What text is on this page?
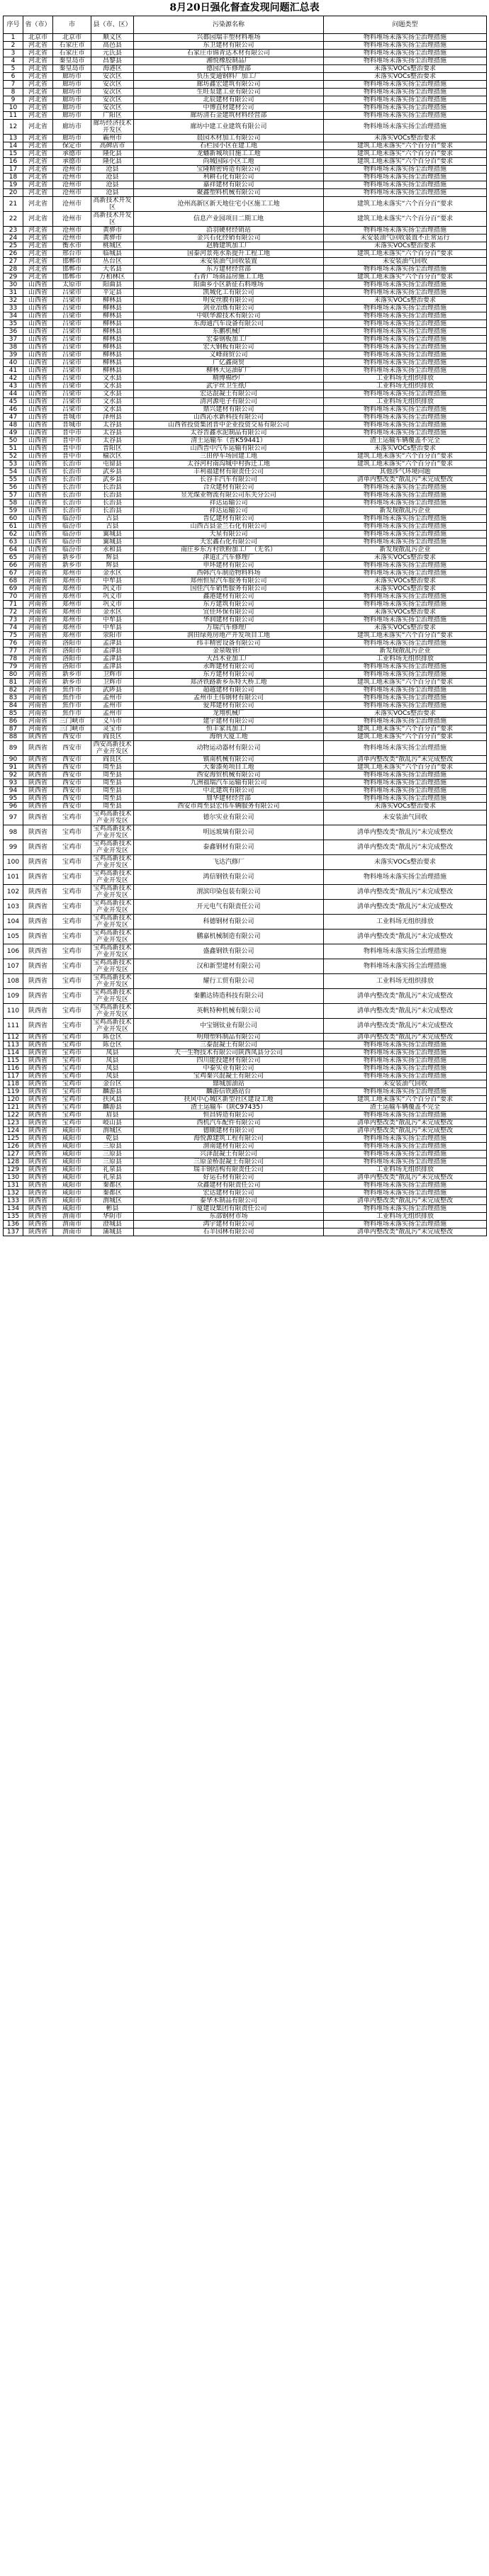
8月20日强化督查发现问题汇总表
序号	省（市）	市	县（市、区）	污染源名称	问题类型
1	北京市	北京市	顺义区	兴都园瑞丰塑材料堆场	物料堆场未落实扬尘治理措施
2	河北省	石家庄市	高邑县	东卫建材有限公司	物料堆场未落实扬尘治理措施
3	河北省	石家庄市	元氏县	石家庄市锦青达木材有限公司	物料堆场未落实扬尘治理措施
4	河北省	秦皇岛市	昌黎县	湘悦橡胶制品厂	物料堆场未落实扬尘治理措施
5	河北省	秦皇岛市	海港区	德园汽车修理部	未落实VOCs整治要求
6	河北省	廊坊市	安次区	负压变通钢料厂加工厂	未落实VOCs整治要求
7	河北省	廊坊市	安次区	廊坊鑫宏建筑有限公司	物料堆场未落实扬尘治理措施
8	河北省	廊坊市	安次区	生旺泵建工业有限公司	物料堆场未落实扬尘治理措施
9	河北省	廊坊市	安次区	北辰建材有限公司	物料堆场未落实扬尘治理措施
10	河北省	廊坊市	安次区	中博直材建材公司	物料堆场未落实扬尘治理措施
11	河北省	廊坊市	广阳区	廊坊清石金建筑材料经营部	物料堆场未落实扬尘治理措施
12	河北省	廊坊市	廊坊经济技术开发区	廊坊中建工业建筑有限公司	物料堆场未落实扬尘治理措施
13	河北省	廊坊市	霸州市	晨园木材加工有限公司	未落实VOCs整治要求
14	河北省	保定市	高碑店市	石栏园小区在建工地	建筑工地未落实“六个百分百”要求
15	河北省	承德市	隆化县	龙蟠新城项目施工工地	建筑工地未落实“六个百分百”要求
16	河北省	承德市	隆化县	尚城国际小区工地	建筑工地未落实“六个百分百”要求
17	河北省	沧州市	沧县	宝隆精密铸造有限公司	物料堆场未落实扬尘治理措施
18	河北省	沧州市	沧县	利耕石化有限公司	物料堆场未落实扬尘治理措施
19	河北省	沧州市	沧县	嘉祥建材有限公司	物料堆场未落实扬尘治理措施
20	河北省	沧州市	沧县	聚鑫塑料机械有限公司	物料堆场未落实扬尘治理措施
21	河北省	沧州市	高新技术开发区	沧州高新区新天地住宅小区施工工地	建筑工地未落实“六个百分百”要求
22	河北省	沧州市	高新技术开发区	信息产业园项目二期工地	建筑工地未落实“六个百分百”要求
23	河北省	沧州市	黄骅市	沿羽硬材经销站	物料堆场未落实扬尘治理措施
24	河北省	沧州市	黄骅市	金兴石化经销有限公司	未安装油气回收装置不正常运行
25	河北省	衡水市	桃城区	赵腾建筑加工厂	未落实VOCs整治要求
26	河北省	邢台市	临城县	国泰河景苑水系提升工程工地	建筑工地未落实“六个百分百”要求
27	河北省	邯郸市	丛台区	未安装油气回收装置	未安装油气回收
28	河北省	邯郸市	大名县	东方建材经营部	物料堆场未落实扬尘治理措施
29	河北省	邯郸市	万柏林区	石青广场商品房施工工地	建筑工地未落实“六个百分百”要求
30	山西省	太原市	阳曲县	阳曲乡小区新征石料堆场	物料堆场未落实扬尘治理措施
31	山西省	吕梁市	平定县	凯城化工有限公司	物料堆场未落实扬尘治理措施
32	山西省	吕梁市	柳林县	明安丝膜有限公司	未落实VOCs整治要求
33	山西省	吕梁市	柳林县	剑业冶炼有限公司	物料堆场未落实扬尘治理措施
34	山西省	吕梁市	柳林县	中联华源技术有限公司	物料堆场未落实扬尘治理措施
35	山西省	吕梁市	柳林县	东海通汽车设备有限公司	物料堆场未落实扬尘治理措施
36	山西省	吕梁市	柳林县	东鹏机械厂	物料堆场未落实扬尘治理措施
37	山西省	吕梁市	柳林县	宏泰钢板加工厂	物料堆场未落实扬尘治理措施
38	山西省	吕梁市	柳林县	宏大钢板有限公司	物料堆场未落实扬尘治理措施
39	山西省	吕梁市	柳林县	义峰商贸公司	物料堆场未落实扬尘治理措施
40	山西省	吕梁市	柳林县	广亿鑫商贸	物料堆场未落实扬尘治理措施
41	山西省	吕梁市	柳林县	柳林大运油矿厂	物料堆场未落实扬尘治理措施
42	山西省	吕梁市	文水县	精博棉纱厂	工业料场无组织排放
43	山西省	吕梁市	文水县	武宇丝卫生纸厂	工业料场无组织排放
44	山西省	吕梁市	文水县	宏达混凝土有限公司	物料堆场未落实扬尘治理措施
45	山西省	吕梁市	文水县	清河源电子有限公司	工业料场无组织排放
46	山西省	吕梁市	文水县	鼎兴建材有限公司	物料堆场未落实扬尘治理措施
47	山西省	晋城市	泽州县	山西沁水新科技有限公司	物料堆场未落实扬尘治理措施
48	山西省	晋城市	太谷县	山西省投资集团晋中企业投资交易有限公司	物料堆场未落实扬尘治理措施
49	山西省	晋中市	太谷县	太谷晋鑫水泥制品有限公司	物料堆场未落实扬尘治理措施
50	山西省	晋中市	太谷县	清土运输车（晋K59441）	渣土运输车辆覆盖不完全
51	山西省	晋中市	晋阳区	山西晋中汽车运输有限公司	未落实VOCs整治要求
52	山西省	晋中市	榆次区	三田停车场回建工地	建筑工地未落实“六个百分百”要求
53	山西省	长治市	屯留县	太谷河村南沟城中村拆迁工地	建筑工地未落实“六个百分百”要求
54	山西省	长治市	武乡县	丰利福建材有限责任公司	其他涉气环境问题
55	山西省	长治市	武乡县	长谷丰汽车有限公司	清单内整改类“散乱污”未完成整改
56	山西省	长治市	长治县	合众建材有限公司	物料堆场未落实扬尘治理措施
57	山西省	长治市	长治县	昱光煤业物流有限公司东关分公司	物料堆场未落实扬尘治理措施
58	山西省	长治市	长治县	祥达运输公司	物料堆场未落实扬尘治理措施
59	山西省	长治市	长治县	祥达运输公司	新发现散乱污企业
60	山西省	临汾市	古县	晋亿建材有限公司	物料堆场未落实扬尘治理措施
61	山西省	临汾市	古县	山西古县金兰石化有限公司	物料堆场未落实扬尘治理措施
62	山西省	临汾市	翼城县	天星有限公司	物料堆场未落实扬尘治理措施
63	山西省	临汾市	翼城县	天宏鑫石化有限公司	物料堆场未落实扬尘治理措施
64	山西省	临汾市	永和县	南庄乡东方村铁粉加工厂（无名）	新发现散乱污企业
65	河南省	新乡市	辉县	津道汇汽车修理厂	未落实VOCs整治要求
66	河南省	新乡市	辉县	申环建材有限公司	物料堆场未落实扬尘治理措施
67	河南省	郑州市	金水区	西韩汽车制造物料料场	物料堆场未落实扬尘治理措施
68	河南省	郑州市	中牟县	郑州恒星汽车服务有限公司	未落实VOCs整治要求
69	河南省	郑州市	巩义市	国佳汽车销售服务有限公司	未落实VOCs整治要求
70	河南省	郑州市	巩义市	鑫港建材有限公司	物料堆场未落实扬尘治理措施
71	河南省	郑州市	巩义市	东方建筑有限公司	物料堆场未落实扬尘治理措施
72	河南省	郑州市	金水区	宜佳环保有限公司	未落实VOCs整治要求
73	河南省	郑州市	中牟县	华润建材有限公司	物料堆场未落实扬尘治理措施
74	河南省	郑州市	中牟县	万瑞汽车修理厂	未落实VOCs整治要求
75	河南省	郑州市	荥阳市	润田绿苑房地产开发项目工地	建筑工地未落实“六个百分百”要求
76	河南省	洛阳市	孟津县	纬丰精密设备有限公司	物料堆场未落实扬尘治理措施
77	河南省	洛阳市	孟津县	金泉吸管厂	新发现散乱污企业
78	河南省	洛阳市	孟津县	大昌木业加工厂	工业料场无组织排放
79	河南省	洛阳市	孟津县	永晖建材有限公司	物料堆场未落实扬尘治理措施
80	河南省	新乡市	卫辉市	东方建材有限公司	物料堆场未落实扬尘治理措施
81	河南省	新乡市	卫辉市	郑济铁路新乡东特大桥工地	建筑工地未落实“六个百分百”要求
82	河南省	焦作市	武陟县	超越建材有限公司	物料堆场未落实扬尘治理措施
83	河南省	焦作市	孟州市	孟州市王伟钢材有限公司	物料堆场未落实扬尘治理措施
84	河南省	焦作市	孟州市	爱邦建材有限公司	物料堆场未落实扬尘治理措施
85	河南省	焦作市	孟州市	龙翔机械厂	未落实VOCs整治要求
86	河南省	三门峡市	义马市	建宇建材有限公司	物料堆场未落实扬尘治理措施
87	河南省	三门峡市	灵宝市	恒丰家具加工厂	建筑工地未落实“六个百分百”要求
88	陕西省	西安市	阎良区	海纳大厦工地	建筑工地未落实“六个百分百”要求
89	陕西省	西安市	西安高新技术产业开发区	动物运动器材有限公司	物料堆场未落实扬尘治理措施
90	陕西省	西安市	阎良区	镇南机械有限公司	清单内整改类“散乱污”未完成整改
91	陕西省	西安市	周至县	大秦漆苑项目工地	建筑工地未落实“六个百分百”要求
92	陕西省	西安市	周至县	西安海贸机械有限公司	物料堆场未落实扬尘治理措施
93	陕西省	西安市	周至县	九洲福瑞汽车运输有限公司	物料堆场未落实扬尘治理措施
94	陕西省	西安市	周至县	中北建筑有限公司	物料堆场未落实扬尘治理措施
95	陕西省	西安市	周至县	鼎华建材经营部	物料堆场未落实扬尘治理措施
96	陕西省	西安市	周至县	西安市周至县宏伟车辆服务有限公司	未落实VOCs整治要求
97	陕西省	宝鸡市	宝鸡高新技术产业开发区	德尔实业有限公司	未安装油气回收
98	陕西省	宝鸡市	宝鸡高新技术产业开发区	明远玻璃有限公司	清单内整改类“散乱污”未完成整改
99	陕西省	宝鸡市	宝鸡高新技术产业开发区	泰鑫钢材有限公司	清单内整改类“散乱污”未完成整改
100	陕西省	宝鸡市	宝鸡高新技术产业开发区	飞达汽修厂	未落实VOCs整治要求
101	陕西省	宝鸡市	宝鸡高新技术产业开发区	鸿信钢铁有限公司	物料堆场未落实扬尘治理措施
102	陕西省	宝鸡市	宝鸡高新技术产业开发区	渭滨印染包装有限公司	清单内整改类“散乱污”未完成整改
103	陕西省	宝鸡市	宝鸡高新技术产业开发区	开元电气有限责任公司	清单内整改类“散乱污”未完成整改
104	陕西省	宝鸡市	宝鸡高新技术产业开发区	科德钢材有限公司	工业料场无组织排放
105	陕西省	宝鸡市	宝鸡高新技术产业开发区	鹏嘉机械制造有限公司	清单内整改类“散乱污”未完成整改
106	陕西省	宝鸡市	宝鸡高新技术产业开发区	盛鑫钢铁有限公司	物料堆场未落实扬尘治理措施
107	陕西省	宝鸡市	宝鸡高新技术产业开发区	汉和新型建材有限公司	物料堆场未落实扬尘治理措施
108	陕西省	宝鸡市	宝鸡高新技术产业开发区	耀行工贸有限公司	工业料场无组织排放
109	陕西省	宝鸡市	宝鸡高新技术产业开发区	秦鹏达铸造科技有限公司	清单内整改类“散乱污”未完成整改
110	陕西省	宝鸡市	宝鸡高新技术产业开发区	英帆特种机械有限公司	清单内整改类“散乱污”未完成整改
111	陕西省	宝鸡市	宝鸡高新技术产业开发区	中宝钢钛业有限公司	清单内整改类“散乱污”未完成整改
112	陕西省	宝鸡市	陈仓区	明翔塑料制品有限公司	清单内整改类“散乱污”未完成整改
113	陕西省	宝鸡市	陈仓区	三泰混凝土有限公司	物料堆场未落实扬尘治理措施
114	陕西省	宝鸡市	凤县	天一生物技术有限公司陕西凤县分公司	物料堆场未落实扬尘治理措施
115	陕西省	宝鸡市	凤县	四川能投建材有限公司	物料堆场未落实扬尘治理措施
116	陕西省	宝鸡市	凤县	中泰实业有限公司	物料堆场未落实扬尘治理措施
117	陕西省	宝鸡市	凤县	宝鸡秦兴混凝土有限公司	物料堆场未落实扬尘治理措施
118	陕西省	宝鸡市	金台区	鼎城加油站	未安装油气回收
119	陕西省	宝鸡市	麟游县	麟游信铁路站台	物料堆场未落实扬尘治理措施
120	陕西省	宝鸡市	扶风县	扶风中心城区新型社区建设工地	建筑工地未落实“六个百分百”要求
121	陕西省	宝鸡市	麟游县	渣土运输车（陕C97435）	渣土运输车辆覆盖不完全
122	陕西省	宝鸡市	眉县	恒昌铸造有限公司	物料堆场未落实扬尘治理措施
123	陕西省	宝鸡市	岐山县	西机汽车配件有限公司	清单内整改类“散乱污”未完成整改
124	陕西省	咸阳市	渭城区	德顺建材有限公司	清单内整改类“散乱污”未完成整改
125	陕西省	咸阳市	乾县	海悦源建筑工程有限公司	物料堆场未落实扬尘治理措施
126	陕西省	咸阳市	三原县	渭南建材有限公司	物料堆场未落实扬尘治理措施
127	陕西省	咸阳市	三原县	兴泽混凝土有限公司	物料堆场未落实扬尘治理措施
128	陕西省	咸阳市	三原县	三原金桥混凝土有限公司	物料堆场未落实扬尘治理措施
129	陕西省	咸阳市	礼泉县	瑞丰钢结构有限责任公司	工业料场无组织排放
130	陕西省	咸阳市	礼泉县	好运石材有限公司	清单内整改类“散乱污”未完成整改
131	陕西省	咸阳市	秦都区	众鑫建材有限责任公司	物料堆场未落实扬尘治理措施
132	陕西省	咸阳市	秦都区	宏达建材有限公司	物料堆场未落实扬尘治理措施
133	陕西省	咸阳市	渭城区	泰华木制品有限公司	清单内整改类“散乱污”未完成整改
134	陕西省	咸阳市	彬县	广厦建设集团有限责任公司	物料堆场未落实扬尘治理措施
135	陕西省	渭南市	华阴市	东部钢材市场	工业料场无组织排放
136	陕西省	渭南市	澄城县	鸿宇建材有限公司	物料堆场未落实扬尘治理措施
137	陕西省	渭南市	蒲城县	石羊园林有限公司	清单内整改类“散乱污”未完成整改
